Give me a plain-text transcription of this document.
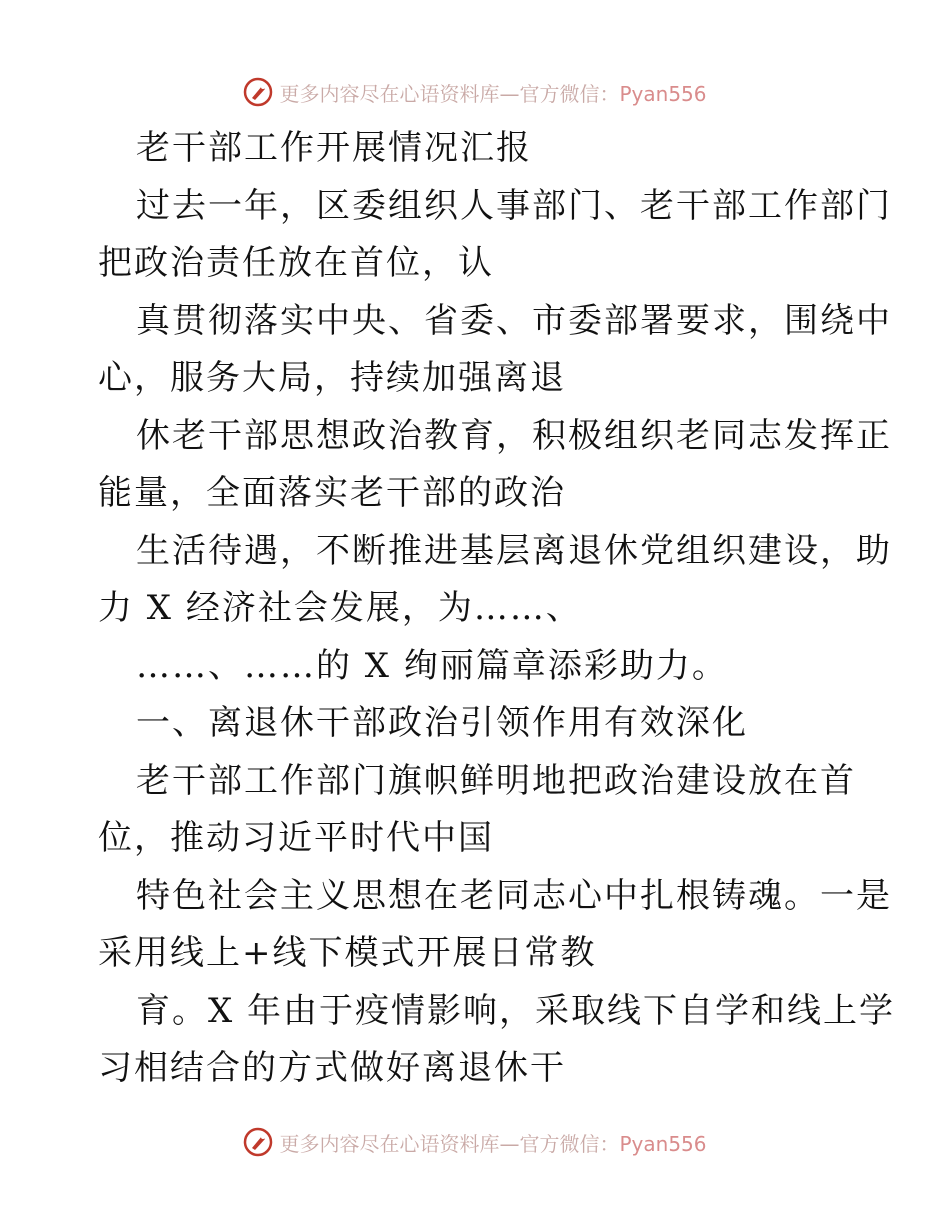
更多内容尽在心语资料库—官方微信：Pyan556
老干部工作开展情况汇报
过去一年，区委组织人事部门、老干部工作部门
把政治责任放在首位，认
真贯彻落实中央、省委、市委部署要求，围绕中
心，服务大局，持续加强离退
休老干部思想政治教育，积极组织老同志发挥正
能量，全面落实老干部的政治
生活待遇，不断推进基层离退休党组织建设，助
力 X 经济社会发展，为……、
……、……的 X 绚丽篇章添彩助力。
一、离退休干部政治引领作用有效深化
老干部工作部门旗帜鲜明地把政治建设放在首
位，推动习近平时代中国
特色社会主义思想在老同志心中扎根铸魂。一是
采用线上+线下模式开展日常教
育。X 年由于疫情影响，采取线下自学和线上学
习相结合的方式做好离退休干
更多内容尽在心语资料库—官方微信：Pyan556
